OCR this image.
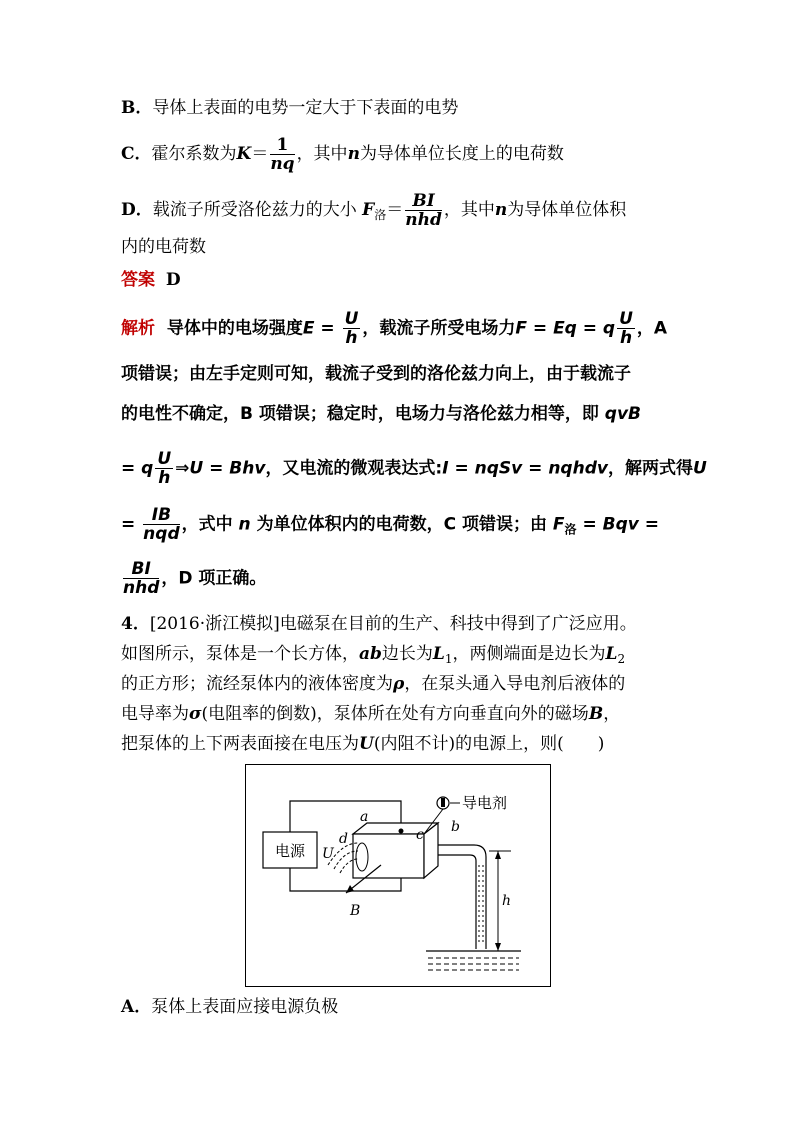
B．导体上表面的电势一定大于下表面的电势
C．霍尔系数为$K= \frac{1}{nq}$ ，其中n为导体单位长度上的电荷数
D．载流子所受洛伦兹力的大小 $F_洛= \frac{BI}{\text{nhd}}$ ，其中n为导体单位体积
内的电荷数
答案 D
解析 导体中的电场强度$E = \frac{U}{h}$ ，载流子所受电场力F = Eq = q $\frac{U}{h}$ ，A
项错误；由左手定则可知，载流子受到的洛伦兹力向上，由于载流子
的电性不确定，B 项错误；稳定时，电场力与洛伦兹力相等，即 qvB
= q $\frac{U}{h}$ ⇒U = Bhv，又电流的微观表达式:I = nqSv = nqhdv，解两式得U
= $\frac{IB}{\text{nqd}}$ ，式中 n 为单位体积内的电荷数，C 项错误；由 $F_洛$ = Bqv =
$\frac{BI}{\text{nhd}}$ ，D 项正确。
4．[2016·浙江模拟]电磁泵在目前的生产、科技中得到了广泛应用。
如图所示，泵体是一个长方体，ab边长为$L_1$，两侧端面是边长为$L_2$
的正方形；流经泵体内的液体密度为ρ，在泵头通入导电剂后液体的
电导率为σ(电阻率的倒数)，泵体所在处有方向垂直向外的磁场B，
把泵体的上下两表面接在电压为U(内阻不计)的电源上，则(　　)
电源
h
导电剂
B
a
b
c
d
U
A．泵体上表面应接电源负极
